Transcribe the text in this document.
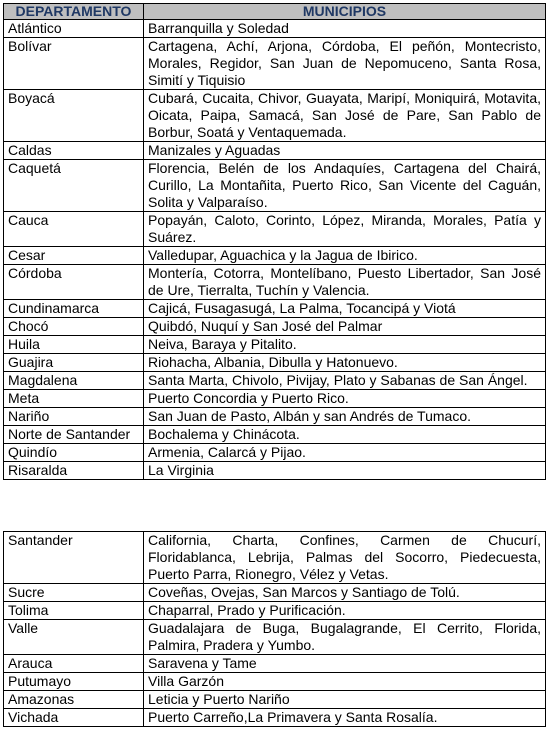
DEPARTAMENTO	MUNICIPIOS
Atlántico	Barranquilla y Soledad
Bolívar	Cartagena, Achí, Arjona, Córdoba, El peñón, Montecristo, Morales, Regidor, San Juan de Nepomuceno, Santa Rosa, Simití y Tiquisio
Boyacá	Cubará, Cucaita, Chivor, Guayata, Maripí, Moniquirá, Motavita, Oicata, Paipa, Samacá, San José de Pare, San Pablo de Borbur, Soatá y Ventaquemada.
Caldas	Manizales y Aguadas
Caquetá	Florencia, Belén de los Andaquíes, Cartagena del Chairá, Curillo, La Montañita, Puerto Rico, San Vicente del Caguán, Solita y Valparaíso.
Cauca	Popayán, Caloto, Corinto, López, Miranda, Morales, Patía y Suárez.
Cesar	Valledupar, Aguachica y la Jagua de Ibirico.
Córdoba	Montería, Cotorra, Montelíbano, Puesto Libertador, San José de Ure, Tierralta, Tuchín y Valencia.
Cundinamarca	Cajicá, Fusagasugá, La Palma, Tocancipá y Viotá
Chocó	Quibdó, Nuquí y San José del Palmar
Huila	Neiva, Baraya y Pitalito.
Guajira	Riohacha, Albania, Dibulla y Hatonuevo.
Magdalena	Santa Marta, Chivolo, Pivijay, Plato y Sabanas de San Ángel.
Meta	Puerto Concordia y Puerto Rico.
Nariño	San Juan de Pasto, Albán y san Andrés de Tumaco.
Norte de Santander	Bochalema y Chinácota.
Quindío	Armenia, Calarcá y Pijao.
Risaralda	La Virginia
Santander	California, Charta, Confines, Carmen de Chucurí, Floridablanca, Lebrija, Palmas del Socorro, Piedecuesta, Puerto Parra, Rionegro, Vélez y Vetas.
Sucre	Coveñas, Ovejas, San Marcos y Santiago de Tolú.
Tolima	Chaparral, Prado y Purificación.
Valle	Guadalajara de Buga, Bugalagrande, El Cerrito, Florida, Palmira, Pradera y Yumbo.
Arauca	Saravena y Tame
Putumayo	Villa Garzón
Amazonas	Leticia y Puerto Nariño
Vichada	Puerto Carreño,La Primavera y Santa Rosalía.
